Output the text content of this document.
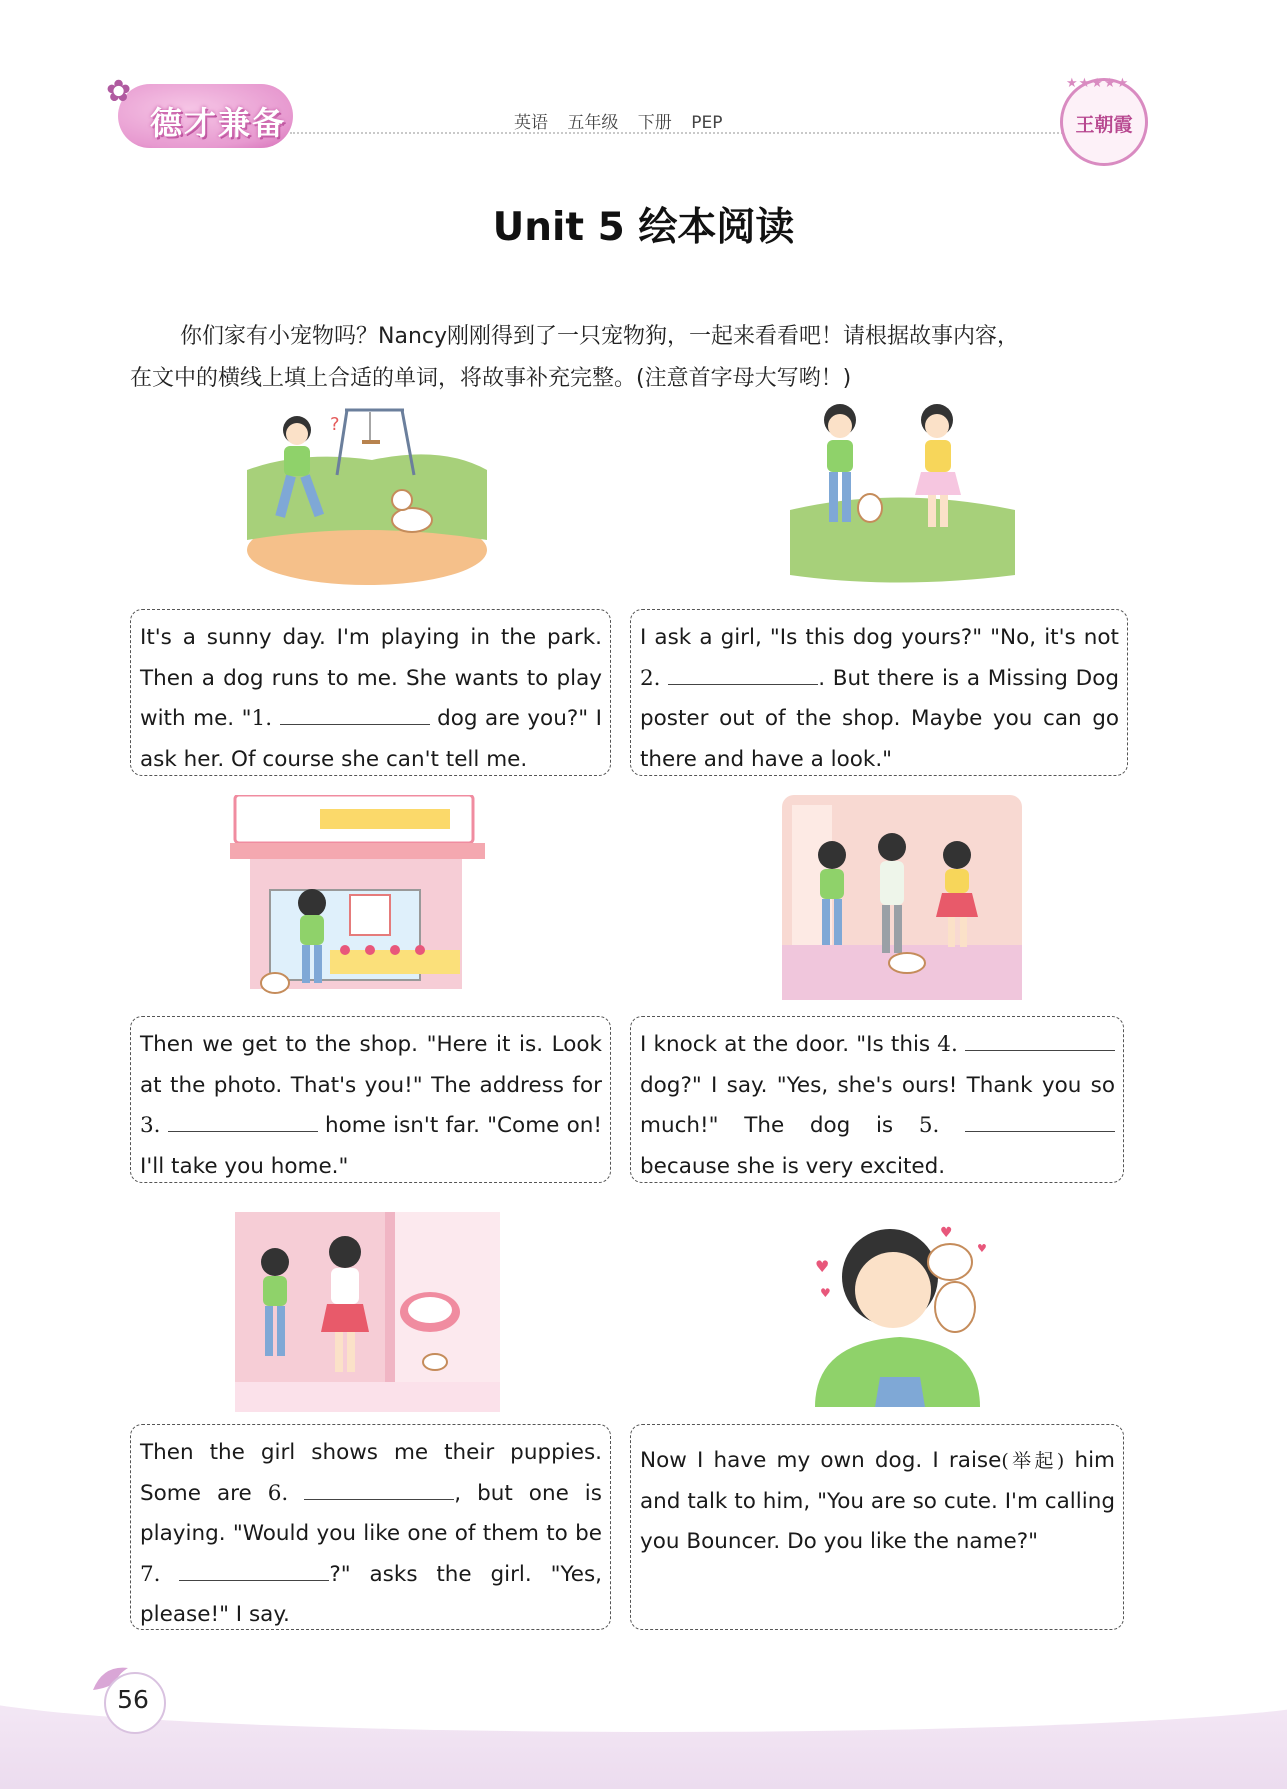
✿
德才兼备	英语 五年级 下册 PEP
★★★★★
王朝霞
Unit 5 绘本阅读

你们家有小宠物吗？Nancy刚刚得到了一只宠物狗，一起来看看吧！请根据故事内容，

在文中的横线上填上合适的单词，将故事补充完整。(注意首字母大写哟！)

?
It's a sunny day. I'm playing in the park. Then a dog runs to me. She wants to play with me. "1.	dog are you?" I ask her. Of course she can't tell me.
I ask a girl, "Is this dog yours?" "No, it's not 2.	. But there is a Missing Dog poster out of the shop. Maybe you can go there and have a look."
Then we get to the shop. "Here it is. Look at the photo. That's you!" The address for 3.	home isn't far. "Come on! I'll take you home."
I knock at the door. "Is this 4.  dog?" I say. "Yes, she's ours! Thank you so much!" The dog is 5.  because she is very excited.
♥
♥
♥
♥
Then the girl shows me their puppies. Some are 6.	, but one is playing. "Would you like one of them to be 7.	?" asks the girl. "Yes, please!" I say.
Now I have my own dog. I raise(举起) him and talk to him, "You are so cute. I'm calling you Bouncer. Do you like the name?"
56
